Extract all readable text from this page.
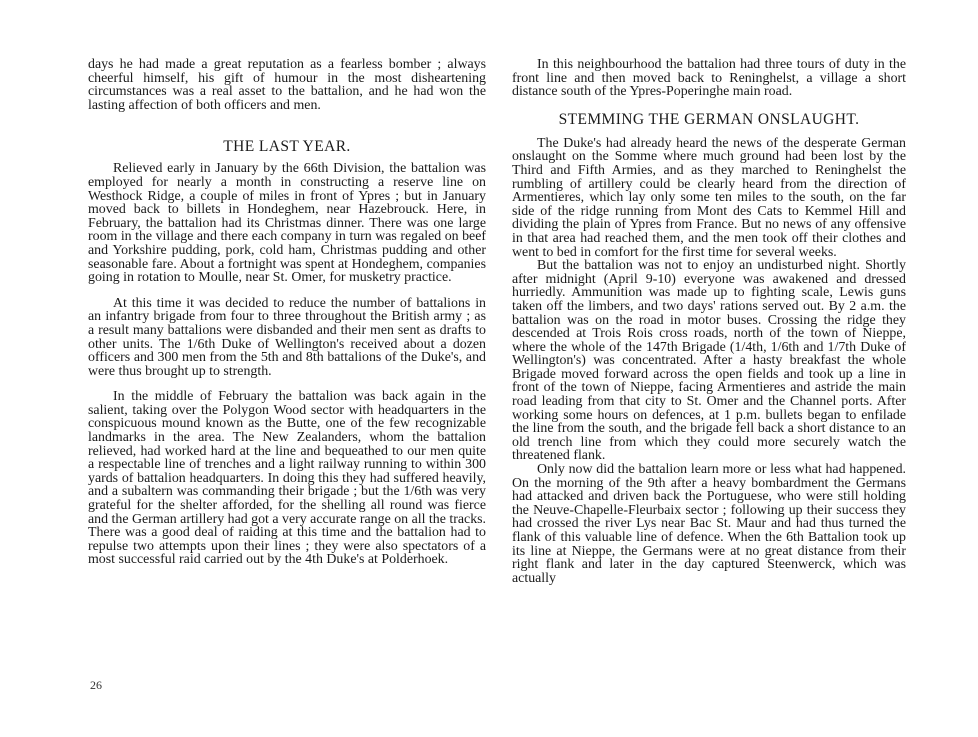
days he had made a great reputation as a fearless bomber ; always cheerful himself, his gift of humour in the most disheartening circumstances was a real asset to the battalion, and he had won the lasting affection of both officers and men.

THE LAST YEAR.

Relieved early in January by the 66th Division, the battalion was employed for nearly a month in constructing a reserve line on Westhock Ridge, a couple of miles in front of Ypres ; but in January moved back to billets in Hondeghem, near Hazebrouck. Here, in February, the battalion had its Christmas dinner. There was one large room in the village and there each company in turn was regaled on beef and Yorkshire pudding, pork, cold ham, Christmas pudding and other seasonable fare. About a fortnight was spent at Hondeghem, companies going in rotation to Moulle, near St. Omer, for musketry practice.

At this time it was decided to reduce the number of battalions in an infantry brigade from four to three throughout the British army ; as a result many battalions were disbanded and their men sent as drafts to other units. The 1/6th Duke of Wellington's received about a dozen officers and 300 men from the 5th and 8th battalions of the Duke's, and were thus brought up to strength.

In the middle of February the battalion was back again in the salient, taking over the Polygon Wood sector with headquarters in the conspicuous mound known as the Butte, one of the few recognizable landmarks in the area. The New Zealanders, whom the battalion relieved, had worked hard at the line and bequeathed to our men quite a respectable line of trenches and a light railway running to within 300 yards of battalion headquarters. In doing this they had suffered heavily, and a subaltern was commanding their brigade ; but the 1/6th was very grateful for the shelter afforded, for the shelling all round was fierce and the German artillery had got a very accurate range on all the tracks. There was a good deal of raiding at this time and the battalion had to repulse two attempts upon their lines ; they were also spectators of a most successful raid carried out by the 4th Duke's at Polderhoek.

26

In this neighbourhood the battalion had three tours of duty in the front line and then moved back to Reninghelst, a village a short distance south of the Ypres-Poperinghe main road.

STEMMING THE GERMAN ONSLAUGHT.

The Duke's had already heard the news of the desperate German onslaught on the Somme where much ground had been lost by the Third and Fifth Armies, and as they marched to Reninghelst the rumbling of artillery could be clearly heard from the direction of Armentieres, which lay only some ten miles to the south, on the far side of the ridge running from Mont des Cats to Kemmel Hill and dividing the plain of Ypres from France. But no news of any offensive in that area had reached them, and the men took off their clothes and went to bed in comfort for the first time for several weeks.

But the battalion was not to enjoy an undisturbed night. Shortly after midnight (April 9-10) everyone was awakened and dressed hurriedly. Ammunition was made up to fighting scale, Lewis guns taken off the limbers, and two days' rations served out. By 2 a.m. the battalion was on the road in motor buses. Crossing the ridge they descended at Trois Rois cross roads, north of the town of Nieppe, where the whole of the 147th Brigade (1/4th, 1/6th and 1/7th Duke of Wellington's) was concentrated. After a hasty breakfast the whole Brigade moved forward across the open fields and took up a line in front of the town of Nieppe, facing Armentieres and astride the main road leading from that city to St. Omer and the Channel ports. After working some hours on defences, at 1 p.m. bullets began to enfilade the line from the south, and the brigade fell back a short distance to an old trench line from which they could more securely watch the threatened flank.

Only now did the battalion learn more or less what had happened. On the morning of the 9th after a heavy bombardment the Germans had attacked and driven back the Portuguese, who were still holding the Neuve-Chapelle-Fleurbaix sector ; following up their success they had crossed the river Lys near Bac St. Maur and had thus turned the flank of this valuable line of defence. When the 6th Battalion took up its line at Nieppe, the Germans were at no great distance from their right flank and later in the day captured Steenwerck, which was actually
